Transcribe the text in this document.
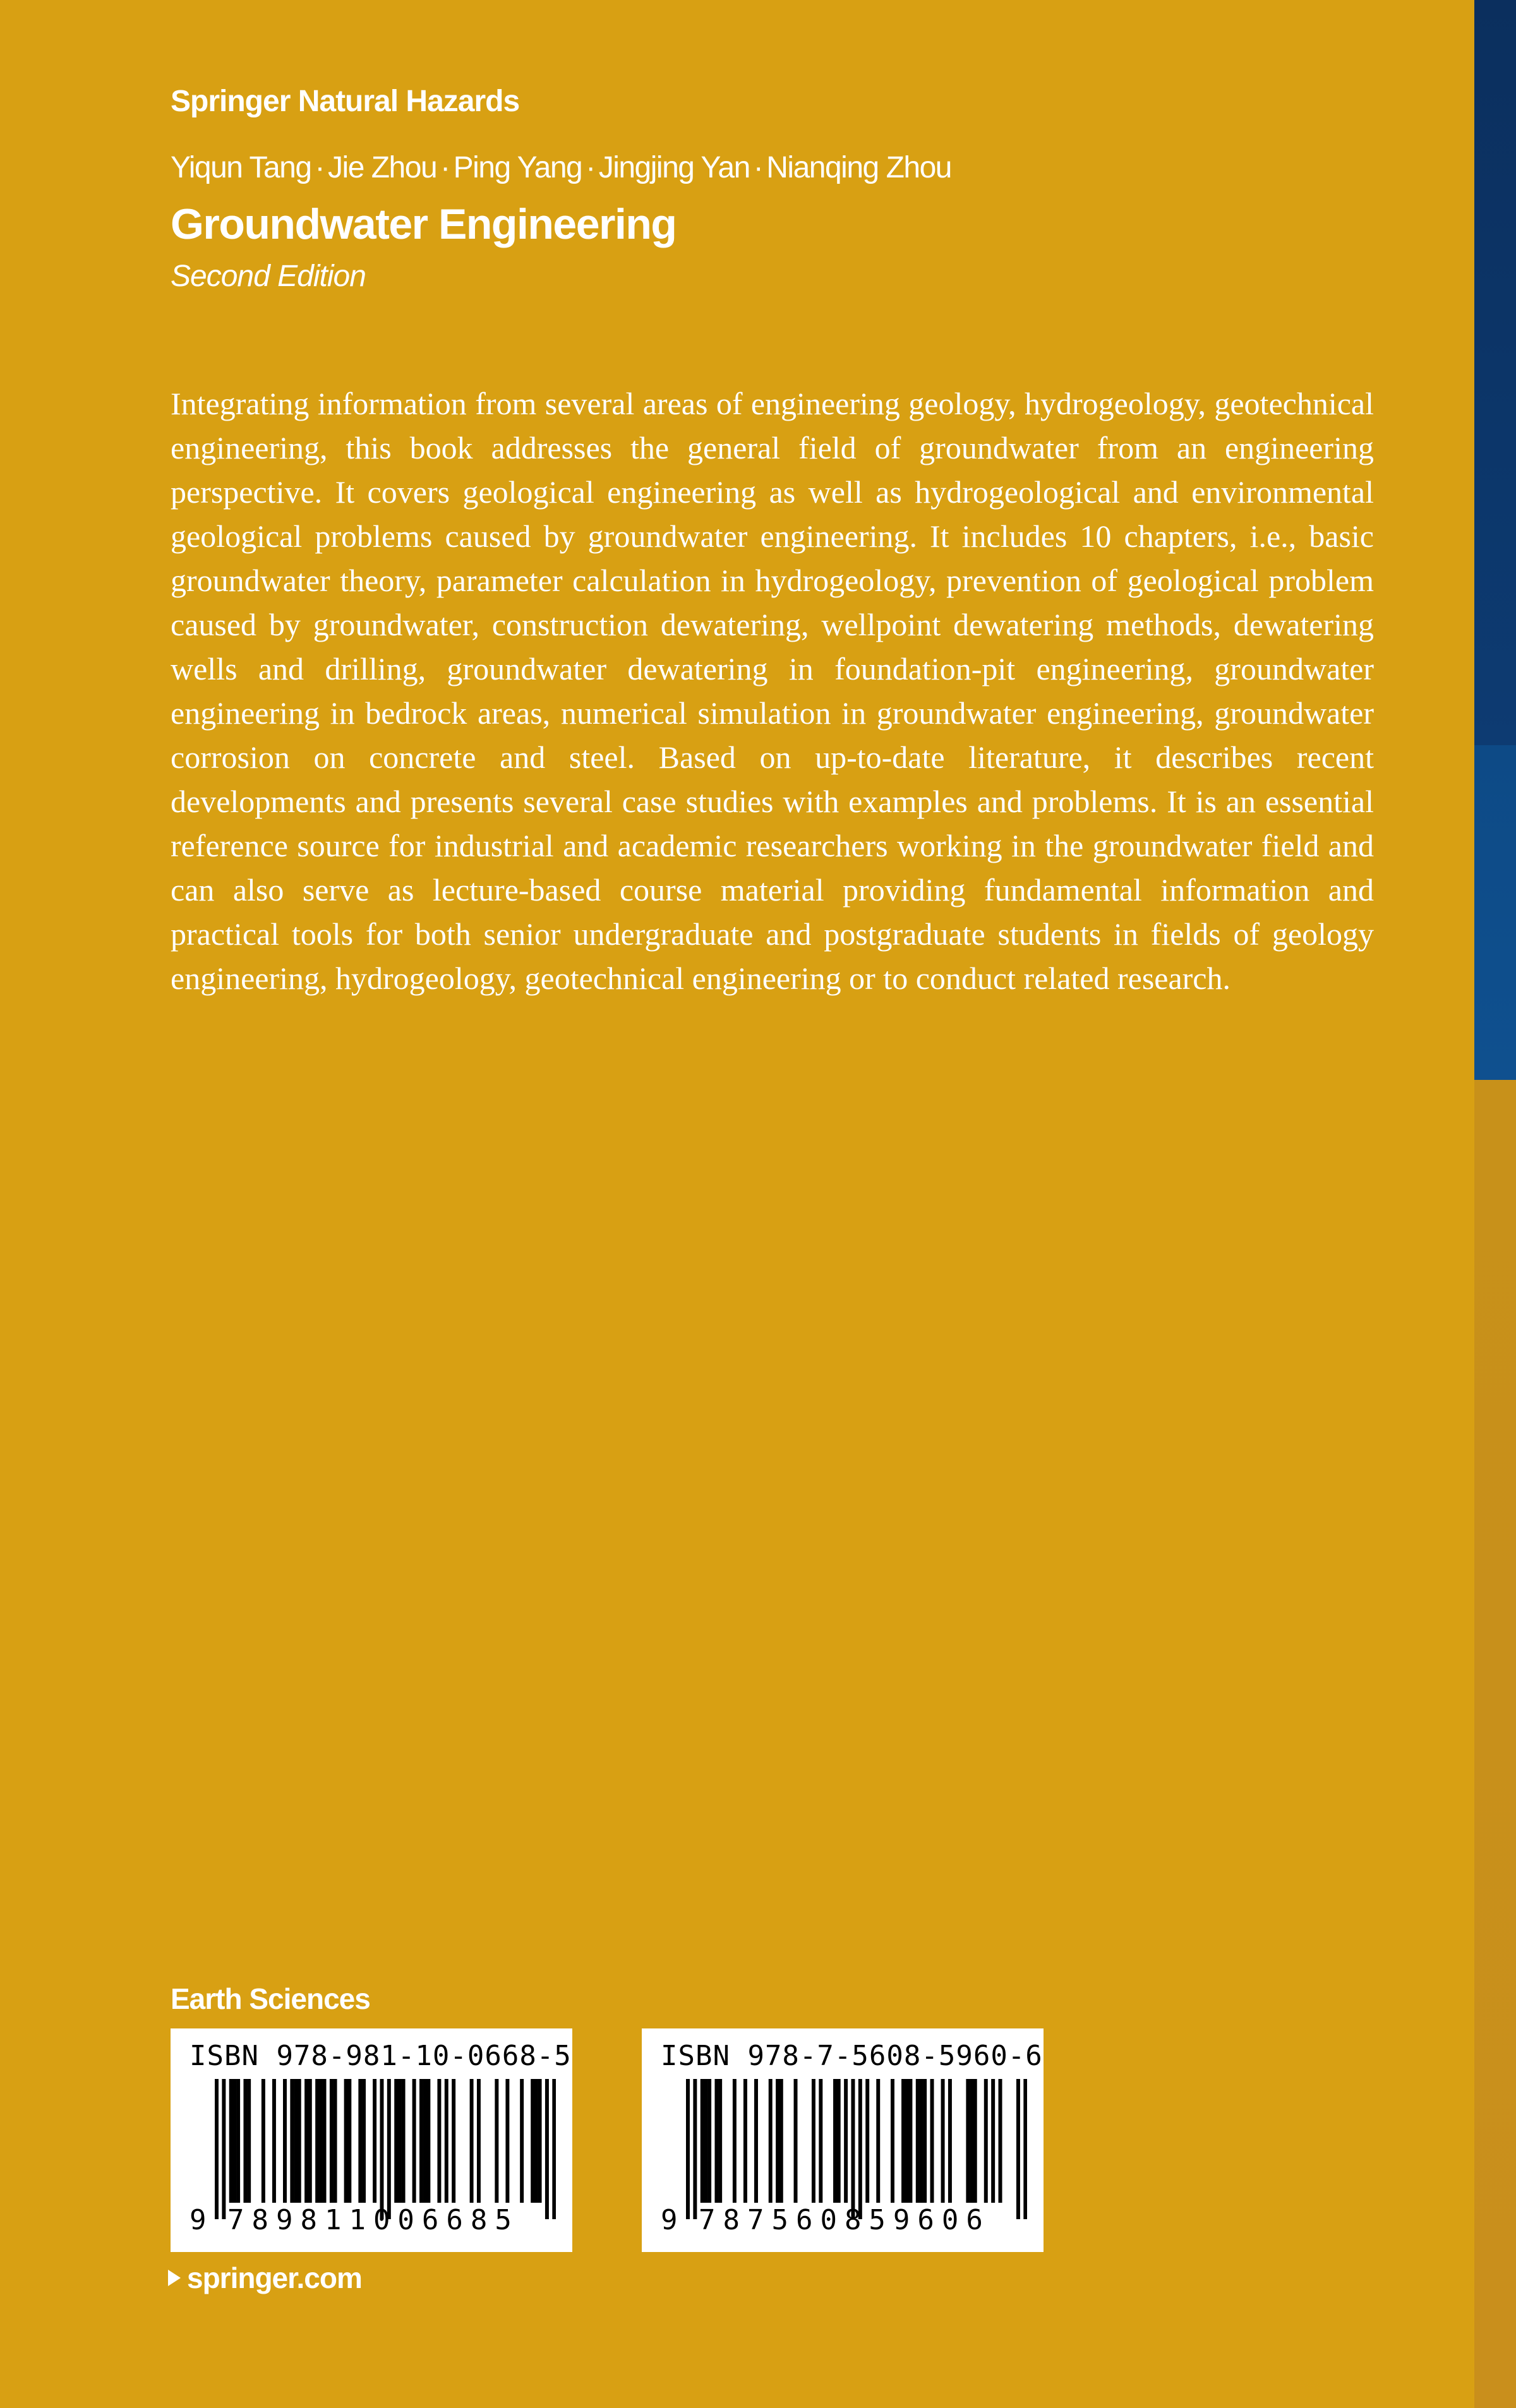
Springer Natural Hazards
Yiqun Tang · Jie Zhou · Ping Yang · Jingjing Yan · Nianqing Zhou
Groundwater Engineering
Second Edition

Integrating information from several areas of engineering geology, hydrogeology, geotechnical engineering, this book addresses the general field of groundwater from an engineering perspective. It covers geological engineering as well as hydrogeological and environmental geological problems caused by groundwater engineering. It includes 10 chapters, i.e., basic groundwater theory, parameter calculation in hydrogeology, prevention of geological problem caused by groundwater, construction dewatering, wellpoint dewatering methods, dewatering wells and drilling, groundwater dewatering in foundation-pit engineering, groundwater engineering in bedrock areas, numerical simulation in groundwater engineering, groundwater corrosion on concrete and steel. Based on up-to-date literature, it describes recent developments and presents several case studies with examples and problems. It is an essential reference source for industrial and academic researchers working in the groundwater field and can also serve as lecture-based course material providing fundamental information and practical tools for both senior undergraduate and postgraduate students in fields of geology engineering, hydrogeology, geotechnical engineering or to conduct related research.

Earth Sciences
ISBN 978-981-10-0668-5
9 789811006685
ISBN 978-7-5608-5960-6
9 787560859606
springer.com
